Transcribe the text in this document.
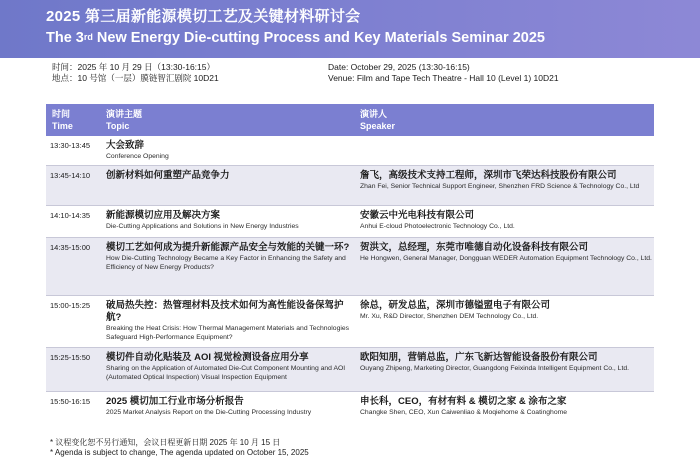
2025 第三届新能源模切工艺及关键材料研讨会
The 3rd New Energy Die-cutting Process and Key Materials Seminar 2025
时间：2025 年 10 月 29 日（13:30-16:15）
地点：10 号馆（一层）膜链智汇剧院 10D21
Date: October 29, 2025 (13:30-16:15)
Venue: Film and Tape Tech Theatre - Hall 10 (Level 1) 10D21
时间
Time
演讲主题
Topic
演讲人
Speaker
13:30-13:45 大会致辞
Conference Opening
13:45-14:10 创新材料如何重塑产品竞争力	詹飞，高级技术支持工程师，深圳市飞荣达科技股份有限公司
Zhan Fei, Senior Technical Support Engineer, Shenzhen FRD Science & Technology Co., Ltd
14:10-14:35 新能源模切应用及解决方案
Die-Cutting Applications and Solutions in New Energy Industries
安徽云中光电科技有限公司
Anhui E-cloud Photoelectronic Technology Co., Ltd.
14:35-15:00 模切工艺如何成为提升新能源产品安全与效能的关键一环?
How Die-Cutting Technology Became a Key Factor in Enhancing the Safety and Efficiency of New Energy Products?
贺洪文，总经理，东莞市唯德自动化设备科技有限公司
He Hongwen, General Manager, Dongguan WEDER Automation Equipment Technology Co., Ltd.
15:00-15:25 破局热失控：热管理材料及技术如何为高性能设备保驾护航?
Breaking the Heat Crisis: How Thermal Management Materials and Technologies Safeguard High-Performance Equipment?
徐总，研发总监，深圳市德镒盟电子有限公司
Mr. Xu, R&D Director, Shenzhen DEM Technology Co., Ltd.
15:25-15:50 模切件自动化贴装及 AOI 视觉检测设备应用分享
Sharing on the Application of Automated Die-Cut Component Mounting and AOI (Automated Optical Inspection) Visual Inspection Equipment
欧阳知朋，营销总监，广东飞新达智能设备股份有限公司
Ouyang Zhipeng, Marketing Director, Guangdong Feixinda Intelligent Equipment Co., Ltd.
15:50-16:15 2025 模切加工行业市场分析报告
2025 Market Analysis Report on the Die-Cutting Processing Industry
申长科，CEO，有材有料 & 模切之家 & 涂布之家
Changke Shen, CEO, Xun Caiwenliao & Moqiehome & Coatinghome
* 议程变化恕不另行通知，会议日程更新日期 2025 年 10 月 15 日
* Agenda is subject to change, The agenda updated on October 15, 2025
